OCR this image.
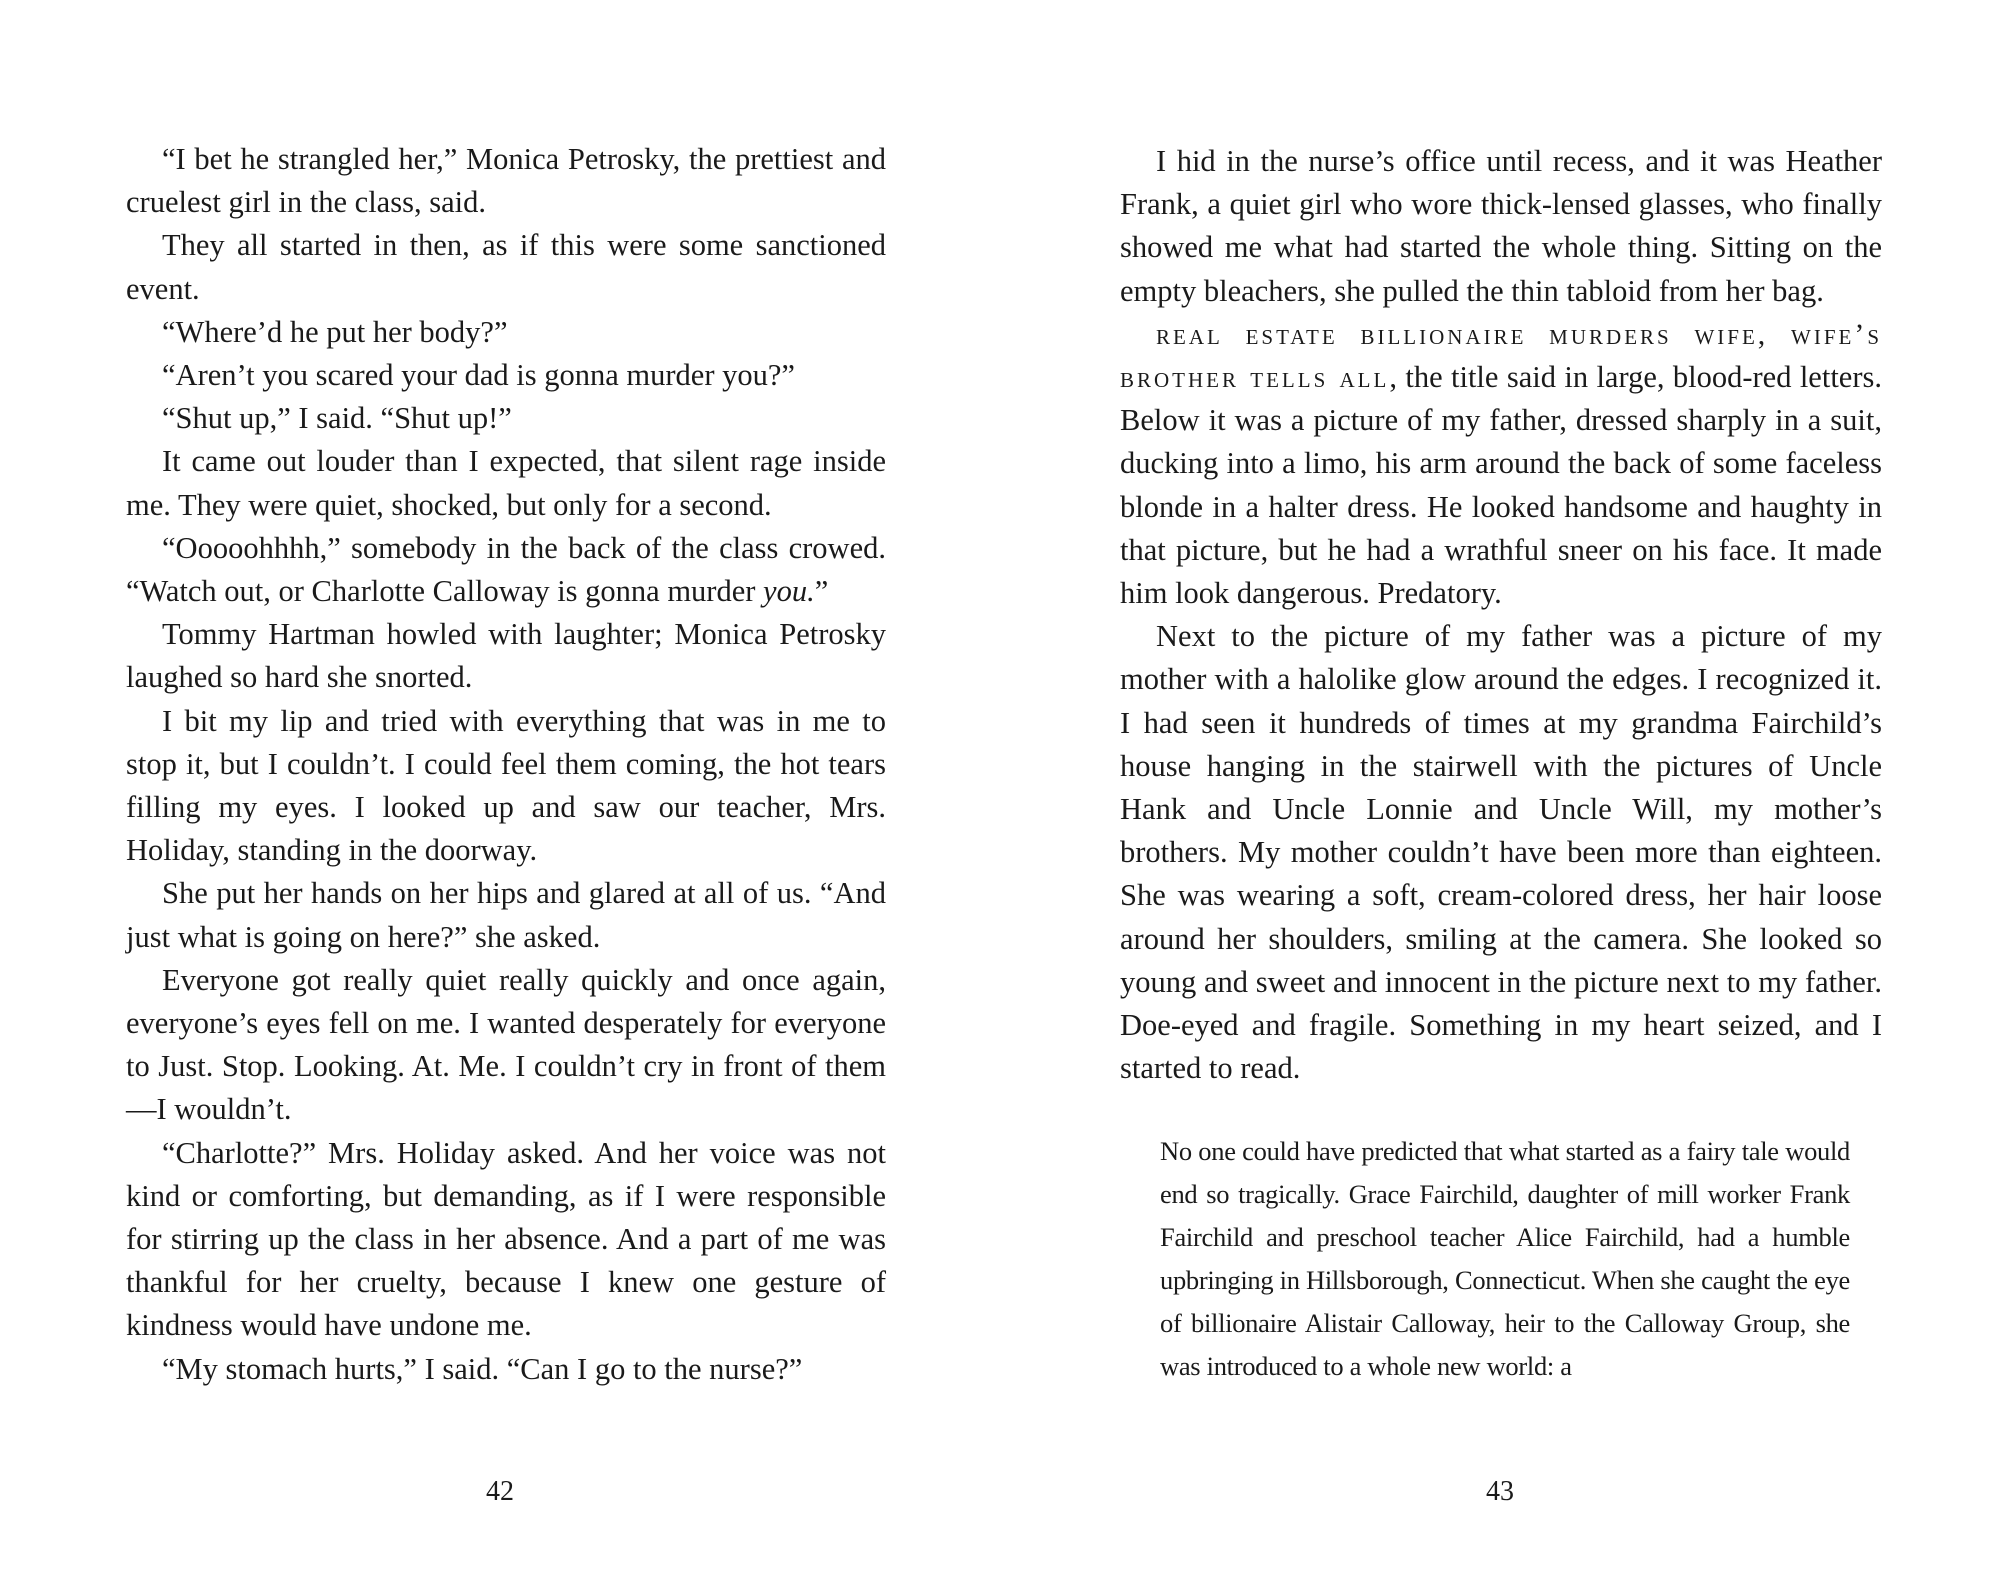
“I bet he strangled her,” Monica Petrosky, the prettiest and cruelest girl in the class, said.

They all started in then, as if this were some sanctioned event.

“Where’d he put her body?”

“Aren’t you scared your dad is gonna murder you?”

“Shut up,” I said. “Shut up!”

It came out louder than I expected, that silent rage inside me. They were quiet, shocked, but only for a second.

“Ooooohhhh,” somebody in the back of the class crowed. “Watch out, or Charlotte Calloway is gonna murder you.”

Tommy Hartman howled with laughter; Monica Petrosky laughed so hard she snorted.

I bit my lip and tried with everything that was in me to stop it, but I couldn’t. I could feel them coming, the hot tears filling my eyes. I looked up and saw our teacher, Mrs. Holiday, standing in the doorway.

She put her hands on her hips and glared at all of us. “And just what is going on here?” she asked.

Everyone got really quiet really quickly and once again, everyone’s eyes fell on me. I wanted desperately for everyone to Just. Stop. Looking. At. Me. I couldn’t cry in front of them—I wouldn’t.

“Charlotte?” Mrs. Holiday asked. And her voice was not kind or comforting, but demanding, as if I were responsible for stirring up the class in her absence. And a part of me was thankful for her cruelty, because I knew one gesture of kindness would have undone me.

“My stomach hurts,” I said. “Can I go to the nurse?”

42

I hid in the nurse’s office until recess, and it was Heather Frank, a quiet girl who wore thick-lensed glasses, who finally showed me what had started the whole thing. Sitting on the empty bleachers, she pulled the thin tabloid from her bag.

real estate billionaire murders wife, wife’s brother tells all, the title said in large, blood-red letters. Below it was a picture of my father, dressed sharply in a suit, ducking into a limo, his arm around the back of some faceless blonde in a halter dress. He looked handsome and haughty in that picture, but he had a wrathful sneer on his face. It made him look dangerous. Predatory.

Next to the picture of my father was a picture of my mother with a halolike glow around the edges. I recognized it. I had seen it hundreds of times at my grandma Fairchild’s house hanging in the stairwell with the pictures of Uncle Hank and Uncle Lonnie and Uncle Will, my mother’s brothers. My mother couldn’t have been more than eighteen. She was wearing a soft, cream-colored dress, her hair loose around her shoulders, smiling at the camera. She looked so young and sweet and innocent in the picture next to my father. Doe-eyed and fragile. Something in my heart seized, and I started to read.

No one could have predicted that what started as a fairy tale would end so tragically. Grace Fairchild, daughter of mill worker Frank Fairchild and preschool teacher Alice Fairchild, had a humble upbringing in Hillsborough, Connecticut. When she caught the eye of billionaire Alistair Calloway, heir to the Calloway Group, she was introduced to a whole new world: a

43
